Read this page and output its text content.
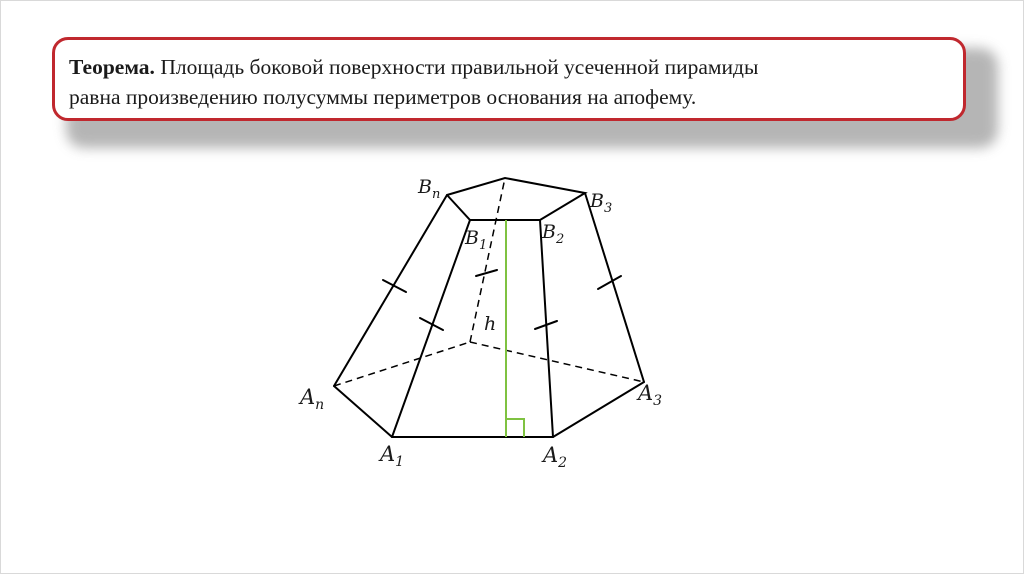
Теорема. Площадь боковой поверхности правильной усеченной пирамиды
равна произведению полусуммы периметров основания на апофему.
$B_n$
$B_1$
$B_2$
$B_3$
$A_n$
$A_1$	$A_2$
$A_3$
h
